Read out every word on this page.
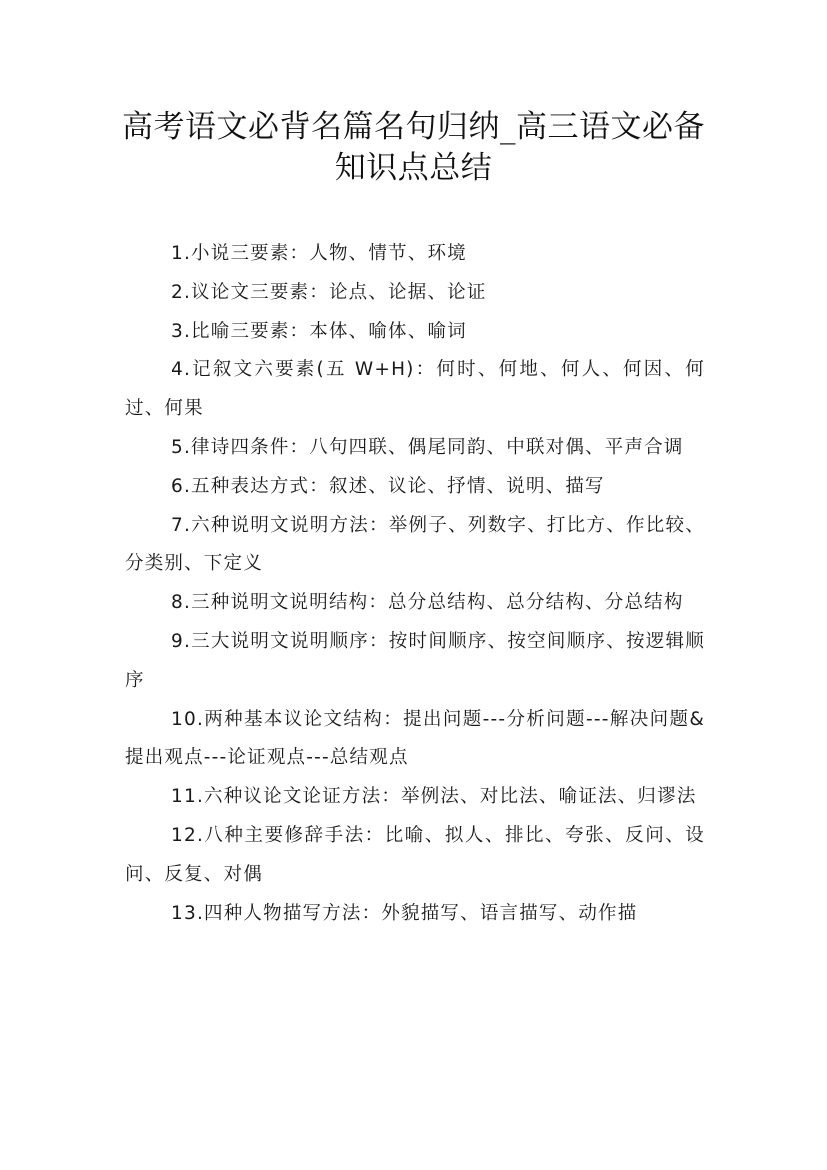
高考语文必背名篇名句归纳_高三语文必备
知识点总结

1.小说三要素：人物、情节、环境

2.议论文三要素：论点、论据、论证

3.比喻三要素：本体、喻体、喻词

4.记叙文六要素(五 W+H)：何时、何地、何人、何因、何过、何果

5.律诗四条件：八句四联、偶尾同韵、中联对偶、平声合调

6.五种表达方式：叙述、议论、抒情、说明、描写

7.六种说明文说明方法：举例子、列数字、打比方、作比较、分类别、下定义

8.三种说明文说明结构：总分总结构、总分结构、分总结构

9.三大说明文说明顺序：按时间顺序、按空间顺序、按逻辑顺序

10.两种基本议论文结构：提出问题---分析问题---解决问题&提出观点---论证观点---总结观点

11.六种议论文论证方法：举例法、对比法、喻证法、归谬法

12.八种主要修辞手法：比喻、拟人、排比、夸张、反问、设问、反复、对偶

13.四种人物描写方法：外貌描写、语言描写、动作描
